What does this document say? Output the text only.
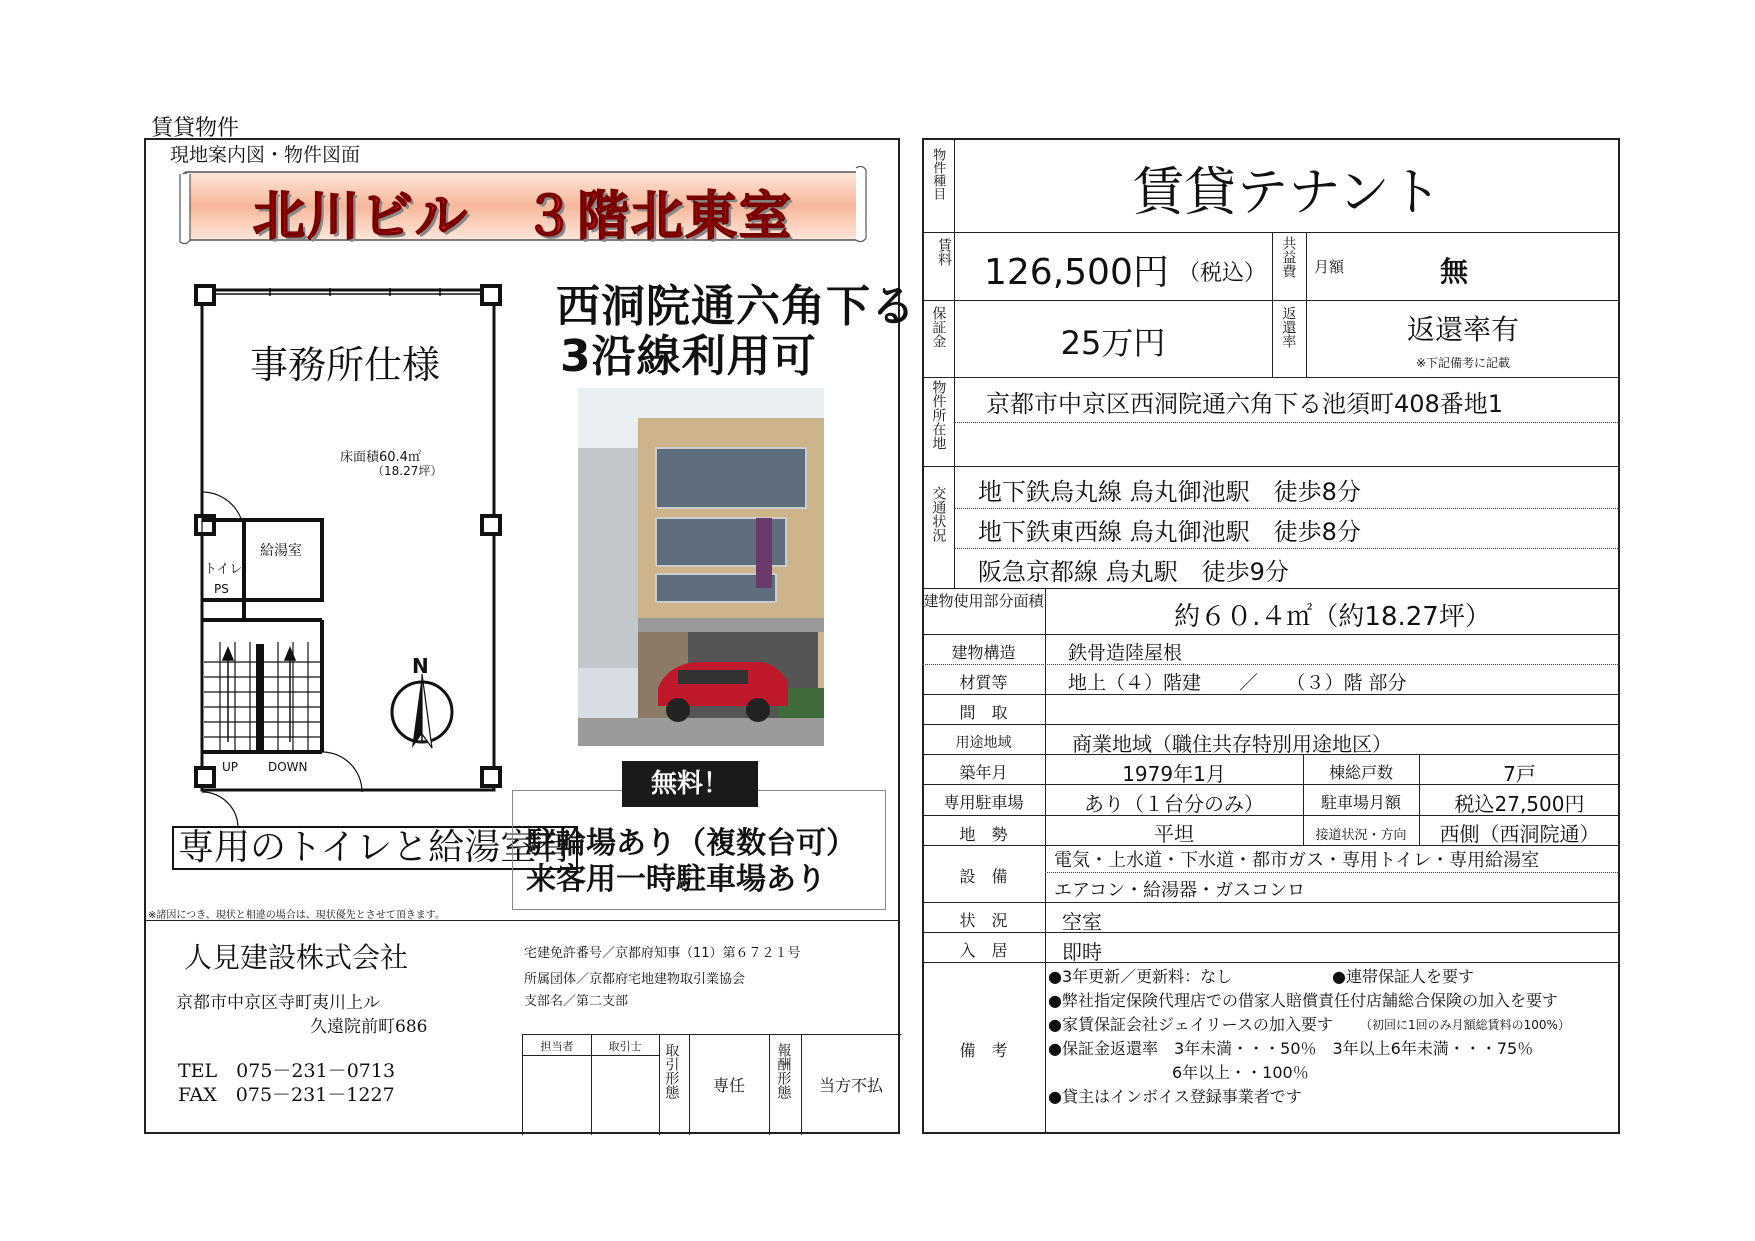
賃貸物件
現地案内図・物件図面
北川ビル　３階北東室
事務所仕様
床面積60.4㎡
（18.27坪）
トイレ
給湯室
PS
UP DOWN
N
西洞院通六角下る
3沿線利用可
専用のトイレと給湯室有
無料！
駐輪場あり（複数台可）
来客用一時駐車場あり
※諸因につき、現状と相違の場合は、現状優先とさせて頂きます。
人見建設株式会社
京都市中京区寺町夷川上ル
久遠院前町686
TEL　075－231－0713
FAX　075－231－1227
宅建免許番号／京都府知事（11）第６７２１号
所属団体／京都府宅地建物取引業協会
支部名／第二支部
担当者	取引士	取引形態	専任	報酬形態	当方不払
物件種目	賃貸テナント
賃料 126,500円 （税込） 共益費 月額	無
保証金	25万円	返還率	返還率有
※下記備考に記載
物件所在地 京都市中京区西洞院通六角下る池須町408番地1
交通状況 地下鉄烏丸線 烏丸御池駅　徒歩8分
地下鉄東西線 烏丸御池駅　徒歩8分
阪急京都線 烏丸駅　徒歩9分
建物使用部分面積
約６０.４㎡（約18.27坪）
建物構造	鉄骨造陸屋根
材質等	地上（４）階建　　／　　（３）階 部分
間　取
用途地域	商業地域（職住共存特別用途地区）
築年月	1979年1月	棟総戸数	7戸
専用駐車場	あり（１台分のみ）	駐車場月額	税込27,500円
地　勢	平坦	接道状況・方向	西側（西洞院通）
設　備
電気・上水道・下水道・都市ガス・専用トイレ・専用給湯室
エアコン・給湯器・ガスコンロ
状　況	空室
入　居	即時
備　考
●3年更新／更新料：なし	●連帯保証人を要す
●弊社指定保険代理店での借家人賠償責任付店舗総合保険の加入を要す
●家賃保証会社ジェイリースの加入要す （初回に1回のみ月額総賃料の100%）
●保証金返還率　3年未満・・・50％　3年以上6年未満・・・75％
6年以上・・100％
●貸主はインボイス登録事業者です
